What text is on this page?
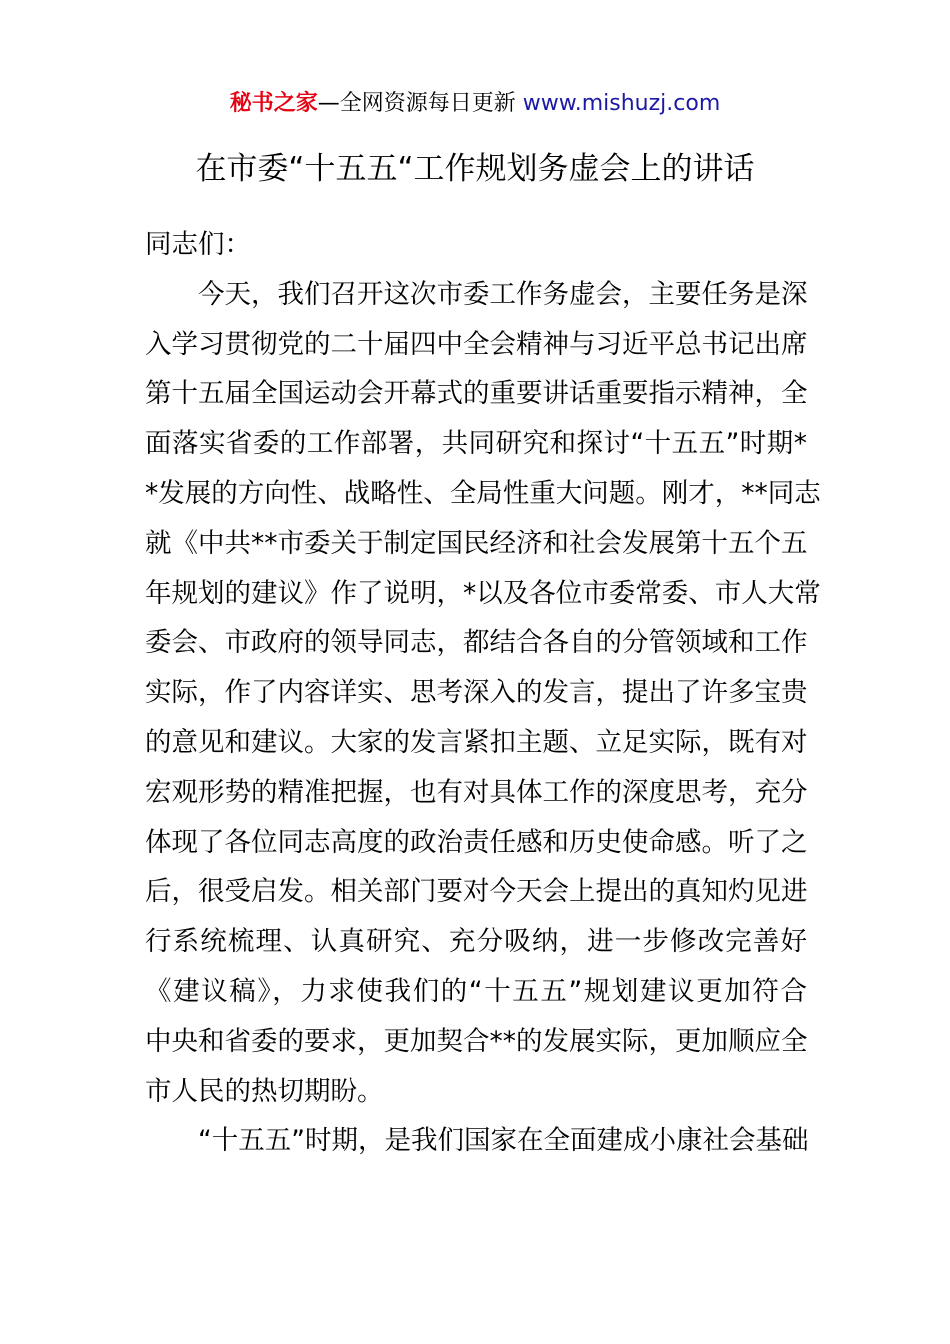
秘书之家—全网资源每日更新 www.mishuzj.com
在市委“十五五“工作规划务虚会上的讲话
同志们：
今天，我们召开这次市委工作务虚会，主要任务是深
入学习贯彻党的二十届四中全会精神与习近平总书记出席
第十五届全国运动会开幕式的重要讲话重要指示精神，全
面落实省委的工作部署，共同研究和探讨“十五五”时期*
*发展的方向性、战略性、全局性重大问题。刚才，**同志
就《中共**市委关于制定国民经济和社会发展第十五个五
年规划的建议》作了说明，*以及各位市委常委、市人大常
委会、市政府的领导同志，都结合各自的分管领域和工作
实际，作了内容详实、思考深入的发言，提出了许多宝贵
的意见和建议。大家的发言紧扣主题、立足实际，既有对
宏观形势的精准把握，也有对具体工作的深度思考，充分
体现了各位同志高度的政治责任感和历史使命感。听了之
后，很受启发。相关部门要对今天会上提出的真知灼见进
行系统梳理、认真研究、充分吸纳，进一步修改完善好
《建议稿》，力求使我们的“十五五”规划建议更加符合
中央和省委的要求，更加契合**的发展实际，更加顺应全
市人民的热切期盼。
“十五五”时期，是我们国家在全面建成小康社会基础
